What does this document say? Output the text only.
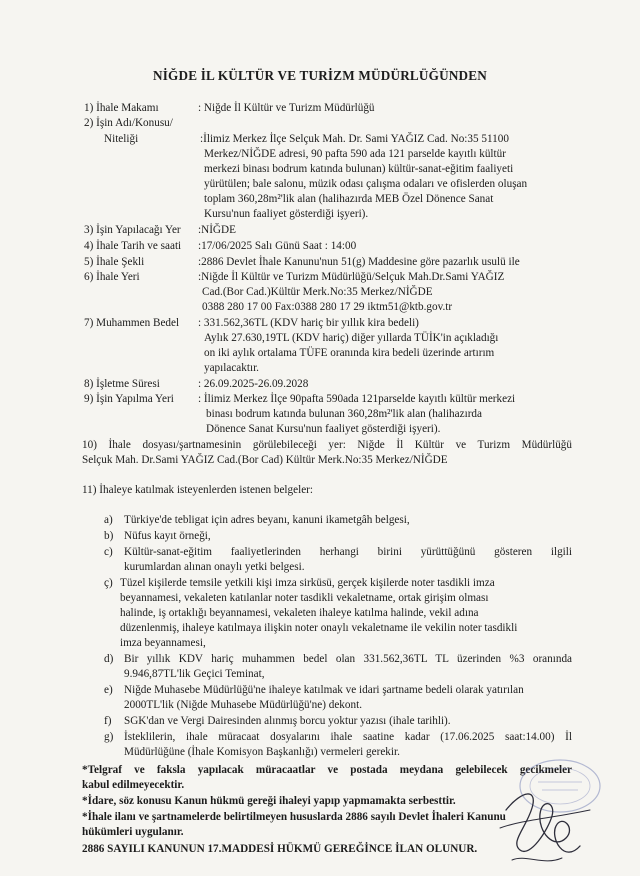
NİĞDE İL KÜLTÜR VE TURİZM MÜDÜRLÜĞÜNDEN
1) İhale Makamı	: Niğde İl Kültür ve Turizm Müdürlüğü
2) İşin Adı/Konusu/
Niteliği	:İlimiz Merkez İlçe Selçuk Mah. Dr. Sami YAĞIZ Cad. No:35 51100
Merkez/NİĞDE adresi, 90 pafta 590 ada 121 parselde kayıtlı kültür
merkezi binası bodrum katında bulunan) kültür-sanat-eğitim faaliyeti
yürütülen; bale salonu, müzik odası çalışma odaları ve ofislerden oluşan
toplam 360,28m²'lik alan (halihazırda MEB Özel Dönence Sanat
Kursu'nun faaliyet gösterdiği işyeri).
3) İşin Yapılacağı Yer :NİĞDE
4) İhale Tarih ve saati :17/06/2025 Salı Günü Saat : 14:00
5) İhale Şekli	:2886 Devlet İhale Kanunu'nun 51(g) Maddesine göre pazarlık usulü ile
6) İhale Yeri	:Niğde İl Kültür ve Turizm Müdürlüğü/Selçuk Mah.Dr.Sami YAĞIZ
Cad.(Bor Cad.)Kültür Merk.No:35 Merkez/NİĞDE
0388 280 17 00 Fax:0388 280 17 29 iktm51@ktb.gov.tr
7) Muhammen Bedel : 331.562,36TL (KDV hariç bir yıllık kira bedeli)
Aylık 27.630,19TL (KDV hariç) diğer yıllarda TÜİK'in açıkladığı
on iki aylık ortalama TÜFE oranında kira bedeli üzerinde artırım
yapılacaktır.
8) İşletme Süresi	: 26.09.2025-26.09.2028
9) İşin Yapılma Yeri : İlimiz Merkez İlçe 90pafta 590ada 121parselde kayıtlı kültür merkezi
binası bodrum katında bulunan 360,28m²'lik alan (halihazırda
Dönence Sanat Kursu'nun faaliyet gösterdiği işyeri).
10) İhale dosyası/şartnamesinin görülebileceği yer: Niğde İl Kültür ve Turizm Müdürlüğü
Selçuk Mah. Dr.Sami YAĞIZ Cad.(Bor Cad) Kültür Merk.No:35 Merkez/NİĞDE
11) İhaleye katılmak isteyenlerden istenen belgeler:
a) Türkiye'de tebligat için adres beyanı, kanuni ikametgâh belgesi,
b) Nüfus kayıt örneği,
c) Kültür-sanat-eğitim faaliyetlerinden herhangi birini yürüttüğünü gösteren ilgili
kurumlardan alınan onaylı yetki belgesi.
ç) Tüzel kişilerde temsile yetkili kişi imza sirküsü, gerçek kişilerde noter tasdikli imza
beyannamesi, vekaleten katılanlar noter tasdikli vekaletname, ortak girişim olması
halinde, iş ortaklığı beyannamesi, vekaleten ihaleye katılma halinde, vekil adına
düzenlenmiş, ihaleye katılmaya ilişkin noter onaylı vekaletname ile vekilin noter tasdikli
imza beyannamesi,
d) Bir yıllık KDV hariç muhammen bedel olan 331.562,36TL TL üzerinden %3 oranında
9.946,87TL'lik Geçici Teminat,
e) Niğde Muhasebe Müdürlüğü'ne ihaleye katılmak ve idari şartname bedeli olarak yatırılan
2000TL'lik (Niğde Muhasebe Müdürlüğü'ne) dekont.
f) SGK'dan ve Vergi Dairesinden alınmış borcu yoktur yazısı (ihale tarihli).
g) İsteklilerin, ihale müracaat dosyalarını ihale saatine kadar (17.06.2025 saat:14.00) İl
Müdürlüğüne (İhale Komisyon Başkanlığı) vermeleri gerekir.
*Telgraf ve faksla yapılacak müracaatlar ve postada meydana gelebilecek gecikmeler
kabul edilmeyecektir.
*İdare, söz konusu Kanun hükmü gereği ihaleyi yapıp yapmamakta serbesttir.
*İhale ilanı ve şartnamelerde belirtilmeyen hususlarda 2886 sayılı Devlet İhaleri Kanunu
hükümleri uygulanır.
2886 SAYILI KANUNUN 17.MADDESİ HÜKMÜ GEREĞİNCE İLAN OLUNUR.
